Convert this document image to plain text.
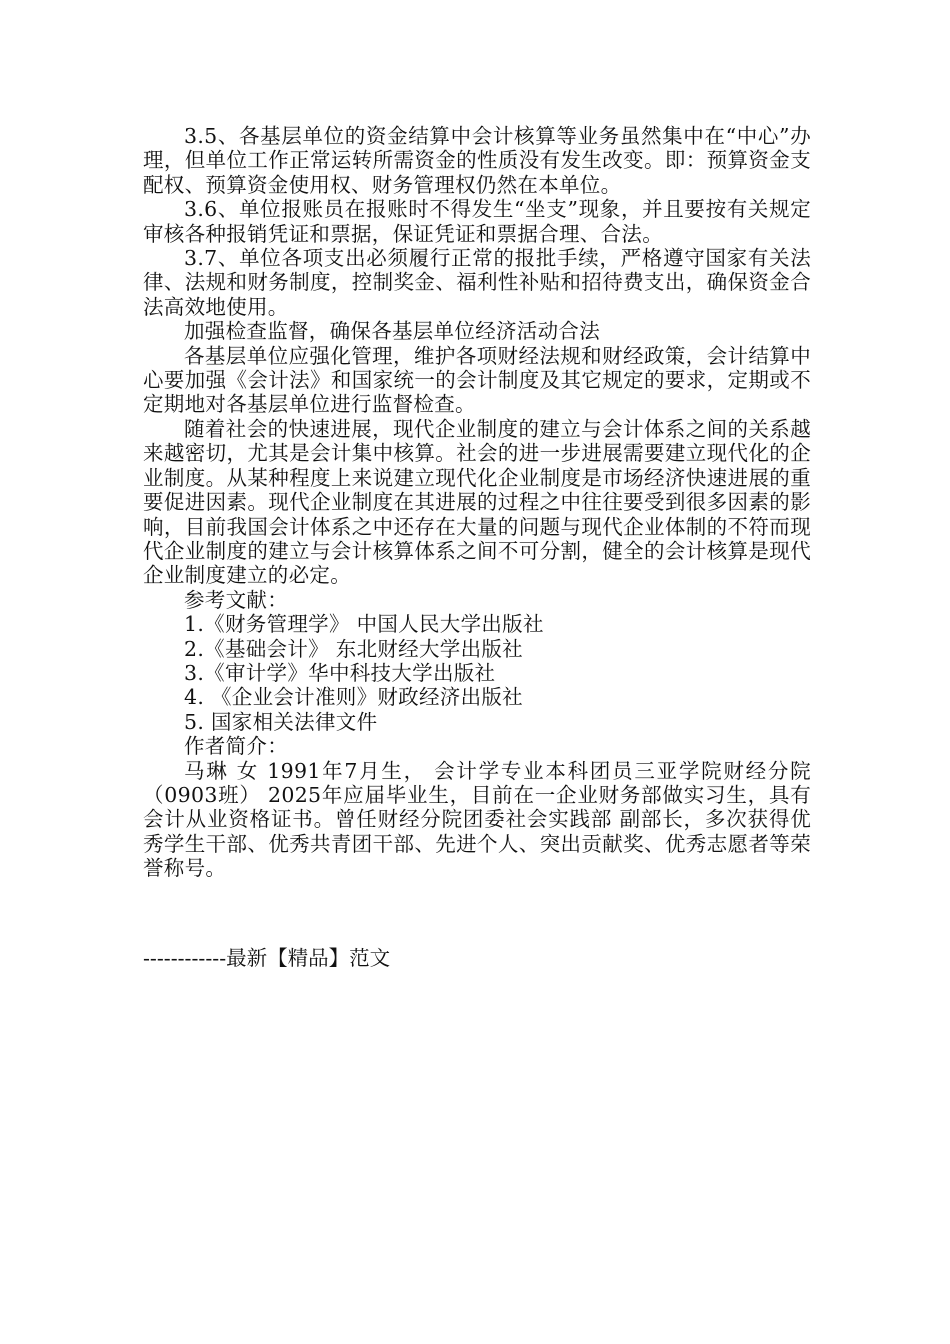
3.5、各基层单位的资金结算中会计核算等业务虽然集中在“中心”办理，但单位工作正常运转所需资金的性质没有发生改变。即：预算资金支配权、预算资金使用权、财务管理权仍然在本单位。

3.6、单位报账员在报账时不得发生“坐支”现象，并且要按有关规定审核各种报销凭证和票据，保证凭证和票据合理、合法。

3.7、单位各项支出必须履行正常的报批手续，严格遵守国家有关法律、法规和财务制度，控制奖金、福利性补贴和招待费支出，确保资金合法高效地使用。

加强检查监督，确保各基层单位经济活动合法

各基层单位应强化管理，维护各项财经法规和财经政策，会计结算中心要加强《会计法》和国家统一的会计制度及其它规定的要求，定期或不定期地对各基层单位进行监督检查。

随着社会的快速进展，现代企业制度的建立与会计体系之间的关系越来越密切，尤其是会计集中核算。社会的进一步进展需要建立现代化的企业制度。从某种程度上来说建立现代化企业制度是市场经济快速进展的重要促进因素。现代企业制度在其进展的过程之中往往要受到很多因素的影响，目前我国会计体系之中还存在大量的问题与现代企业体制的不符而现代企业制度的建立与会计核算体系之间不可分割，健全的会计核算是现代企业制度建立的必定。

参考文献：

1.《财务管理学》 中国人民大学出版社

2.《基础会计》 东北财经大学出版社

3.《审计学》华中科技大学出版社

4. 《企业会计准则》财政经济出版社

5. 国家相关法律文件

作者简介：

马琳 女 1991年7月生， 会计学专业本科团员三亚学院财经分院（0903班） 2025年应届毕业生，目前在一企业财务部做实习生，具有会计从业资格证书。曾任财经分院团委社会实践部 副部长，多次获得优秀学生干部、优秀共青团干部、先进个人、突出贡献奖、优秀志愿者等荣誉称号。

------------最新【精品】范文
